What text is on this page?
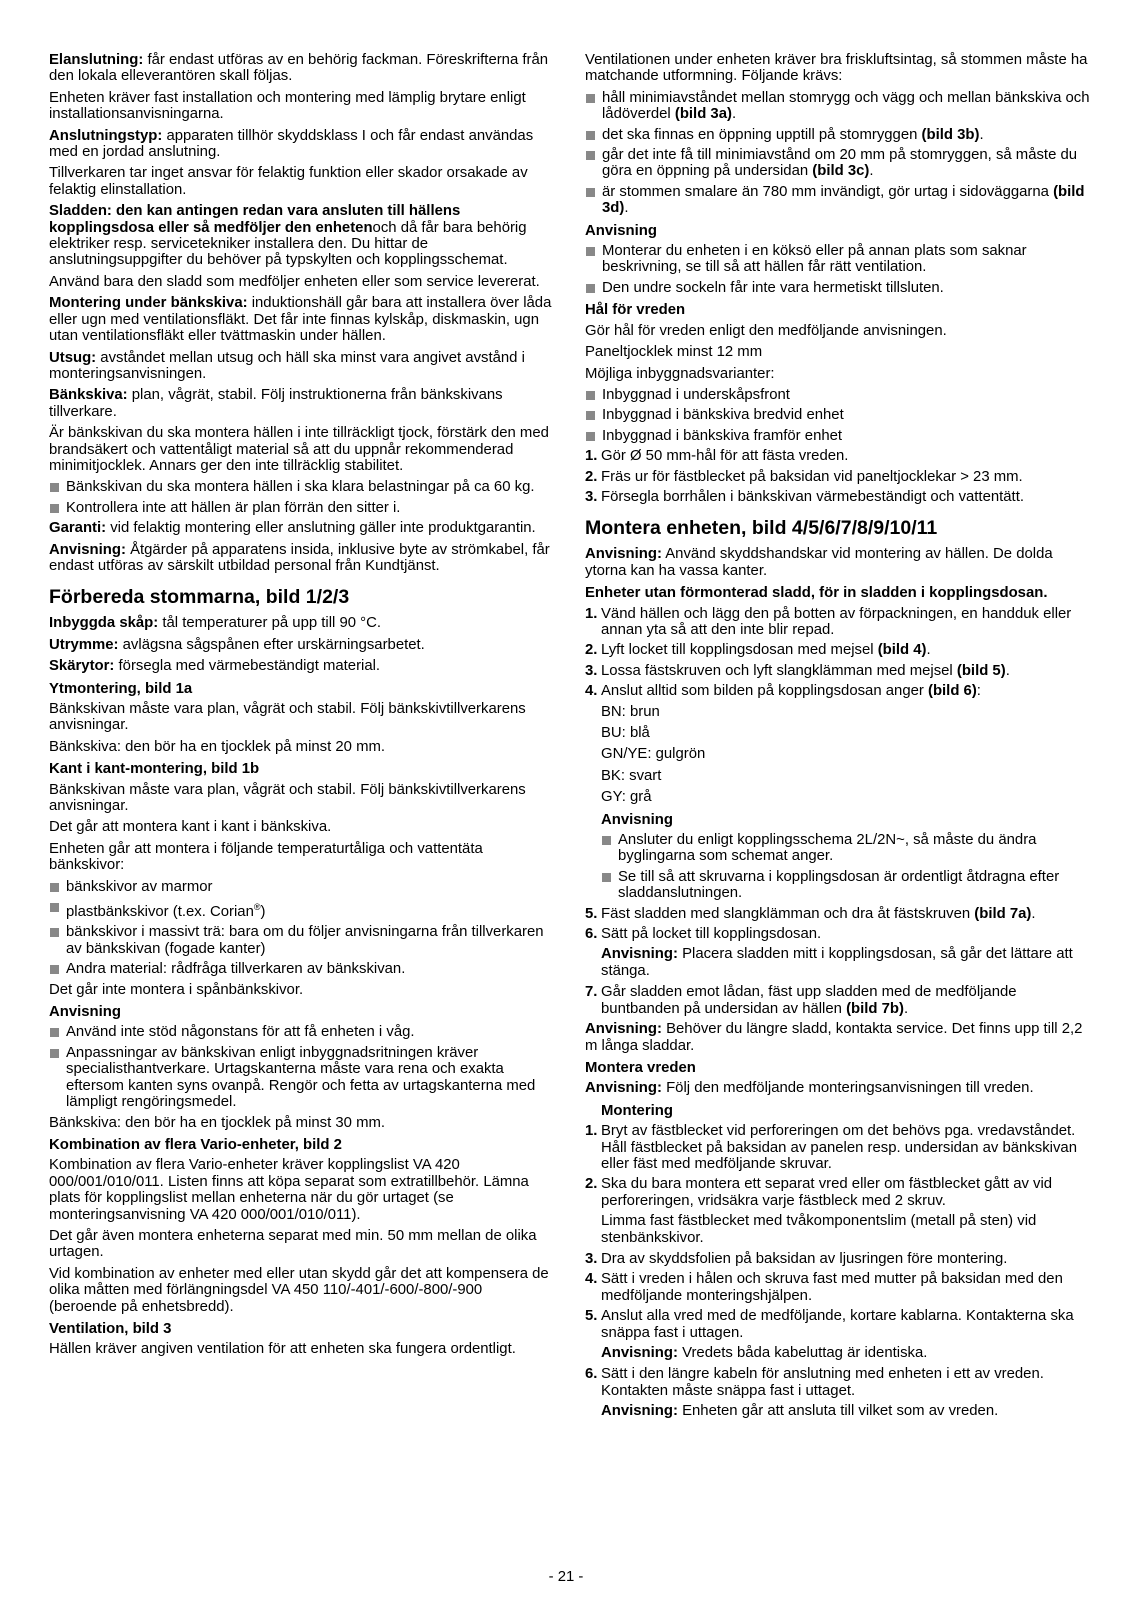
Elanslutning: får endast utföras av en behörig fackman. Föreskrifterna från den lokala elleverantören skall följas.

Enheten kräver fast installation och montering med lämplig brytare enligt installationsanvisningarna.

Anslutningstyp: apparaten tillhör skyddsklass I och får endast användas med en jordad anslutning.

Tillverkaren tar inget ansvar för felaktig funktion eller skador orsakade av felaktig elinstallation.

Sladden: den kan antingen redan vara ansluten till hällens kopplingsdosa eller så medföljer den enhetenoch då får bara behörig elektriker resp. servicetekniker installera den. Du hittar de anslutningsuppgifter du behöver på typskylten och kopplingsschemat.

Använd bara den sladd som medföljer enheten eller som service levererat.

Montering under bänkskiva: induktionshäll går bara att installera över låda eller ugn med ventilationsfläkt. Det får inte finnas kylskåp, diskmaskin, ugn utan ventilationsfläkt eller tvättmaskin under hällen.

Utsug: avståndet mellan utsug och häll ska minst vara angivet avstånd i monteringsanvisningen.

Bänkskiva: plan, vågrät, stabil. Följ instruktionerna från bänkskivans tillverkare.

Är bänkskivan du ska montera hällen i inte tillräckligt tjock, förstärk den med brandsäkert och vattentåligt material så att du uppnår rekommenderad minimitjocklek. Annars ger den inte tillräcklig stabilitet.

Bänkskivan du ska montera hällen i ska klara belastningar på ca 60 kg.
Kontrollera inte att hällen är plan förrän den sitter i.

Garanti: vid felaktig montering eller anslutning gäller inte produktgarantin.

Anvisning: Åtgärder på apparatens insida, inklusive byte av strömkabel, får endast utföras av särskilt utbildad personal från Kundtjänst.

Förbereda stommarna, bild 1/2/3

Inbyggda skåp: tål temperaturer på upp till 90 °C.

Utrymme: avlägsna sågspånen efter urskärningsarbetet.

Skärytor: försegla med värmebeständigt material.

Ytmontering, bild 1a

Bänkskivan måste vara plan, vågrät och stabil. Följ bänkskivtillverkarens anvisningar.

Bänkskiva: den bör ha en tjocklek på minst 20 mm.

Kant i kant-montering, bild 1b

Bänkskivan måste vara plan, vågrät och stabil. Följ bänkskivtillverkarens anvisningar.

Det går att montera kant i kant i bänkskiva.

Enheten går att montera i följande temperaturtåliga och vattentäta bänkskivor:

bänkskivor av marmor
plastbänkskivor (t.ex. Corian®)
bänkskivor i massivt trä: bara om du följer anvisningarna från tillverkaren av bänkskivan (fogade kanter)
Andra material: rådfråga tillverkaren av bänkskivan.

Det går inte montera i spånbänkskivor.

Anvisning
Använd inte stöd någonstans för att få enheten i våg.
Anpassningar av bänkskivan enligt inbyggnadsritningen kräver specialisthantverkare. Urtagskanterna måste vara rena och exakta eftersom kanten syns ovanpå. Rengör och fetta av urtagskanterna med lämpligt rengöringsmedel.

Bänkskiva: den bör ha en tjocklek på minst 30 mm.

Kombination av flera Vario-enheter, bild 2

Kombination av flera Vario-enheter kräver kopplingslist VA 420 000/001/010/011. Listen finns att köpa separat som extratillbehör. Lämna plats för kopplingslist mellan enheterna när du gör urtaget (se monteringsanvisning VA 420 000/001/010/011).

Det går även montera enheterna separat med min. 50 mm mellan de olika urtagen.

Vid kombination av enheter med eller utan skydd går det att kompensera de olika måtten med förlängningsdel VA 450 110/-401/-600/-800/-900 (beroende på enhetsbredd).

Ventilation, bild 3

Hällen kräver angiven ventilation för att enheten ska fungera ordentligt.

Ventilationen under enheten kräver bra friskluftsintag, så stommen måste ha matchande utformning. Följande krävs:

håll minimiavståndet mellan stomrygg och vägg och mellan bänkskiva och lådöverdel (bild 3a).
det ska finnas en öppning upptill på stomryggen (bild 3b).
går det inte få till minimiavstånd om 20 mm på stomryggen, så måste du göra en öppning på undersidan (bild 3c).
är stommen smalare än 780 mm invändigt, gör urtag i sidoväggarna (bild 3d).
Anvisning
Monterar du enheten i en köksö eller på annan plats som saknar beskrivning, se till så att hällen får rätt ventilation.
Den undre sockeln får inte vara hermetiskt tillsluten.
Hål för vreden

Gör hål för vreden enligt den medföljande anvisningen.

Paneltjocklek minst 12 mm

Möjliga inbyggnadsvarianter:

Inbyggnad i underskåpsfront
Inbyggnad i bänkskiva bredvid enhet
Inbyggnad i bänkskiva framför enhet
1. Gör Ø 50 mm-hål för att fästa vreden.
2. Fräs ur för fästblecket på baksidan vid paneltjocklekar > 23 mm.
3. Försegla borrhålen i bänkskivan värmebeständigt och vattentätt.
Montera enheten, bild 4/5/6/7/8/9/10/11

Anvisning: Använd skyddshandskar vid montering av hällen. De dolda ytorna kan ha vassa kanter.

Enheter utan förmonterad sladd, för in sladden i kopplingsdosan.
1. Vänd hällen och lägg den på botten av förpackningen, en handduk eller annan yta så att den inte blir repad.
2. Lyft locket till kopplingsdosan med mejsel (bild 4).
3. Lossa fästskruven och lyft slangklämman med mejsel (bild 5).
4. Anslut alltid som bilden på kopplingsdosan anger (bild 6):
BN: brun
BU: blå
GN/YE: gulgrön
BK: svart
GY: grå
Anvisning
Ansluter du enligt kopplingsschema 2L/2N~, så måste du ändra byglingarna som schemat anger.
Se till så att skruvarna i kopplingsdosan är ordentligt åtdragna efter sladdanslutningen.
5. Fäst sladden med slangklämman och dra åt fästskruven (bild 7a).
6. Sätt på locket till kopplingsdosan.
Anvisning: Placera sladden mitt i kopplingsdosan, så går det lättare att stänga.
7. Går sladden emot lådan, fäst upp sladden med de medföljande buntbanden på undersidan av hällen (bild 7b).

Anvisning: Behöver du längre sladd, kontakta service. Det finns upp till 2,2 m långa sladdar.

Montera vreden

Anvisning: Följ den medföljande monteringsanvisningen till vreden.

Montering
1. Bryt av fästblecket vid perforeringen om det behövs pga. vredavståndet. Håll fästblecket på baksidan av panelen resp. undersidan av bänkskivan eller fäst med medföljande skruvar.
2. Ska du bara montera ett separat vred eller om fästblecket gått av vid perforeringen, vridsäkra varje fästbleck med 2 skruv.
Limma fast fästblecket med tvåkomponentslim (metall på sten) vid stenbänkskivor.
3. Dra av skyddsfolien på baksidan av ljusringen före montering.
4. Sätt i vreden i hålen och skruva fast med mutter på baksidan med den medföljande monteringshjälpen.
5. Anslut alla vred med de medföljande, kortare kablarna. Kontakterna ska snäppa fast i uttagen.
Anvisning: Vredets båda kabeluttag är identiska.
6. Sätt i den längre kabeln för anslutning med enheten i ett av vreden. Kontakten måste snäppa fast i uttaget.
Anvisning: Enheten går att ansluta till vilket som av vreden.
- 21 -
